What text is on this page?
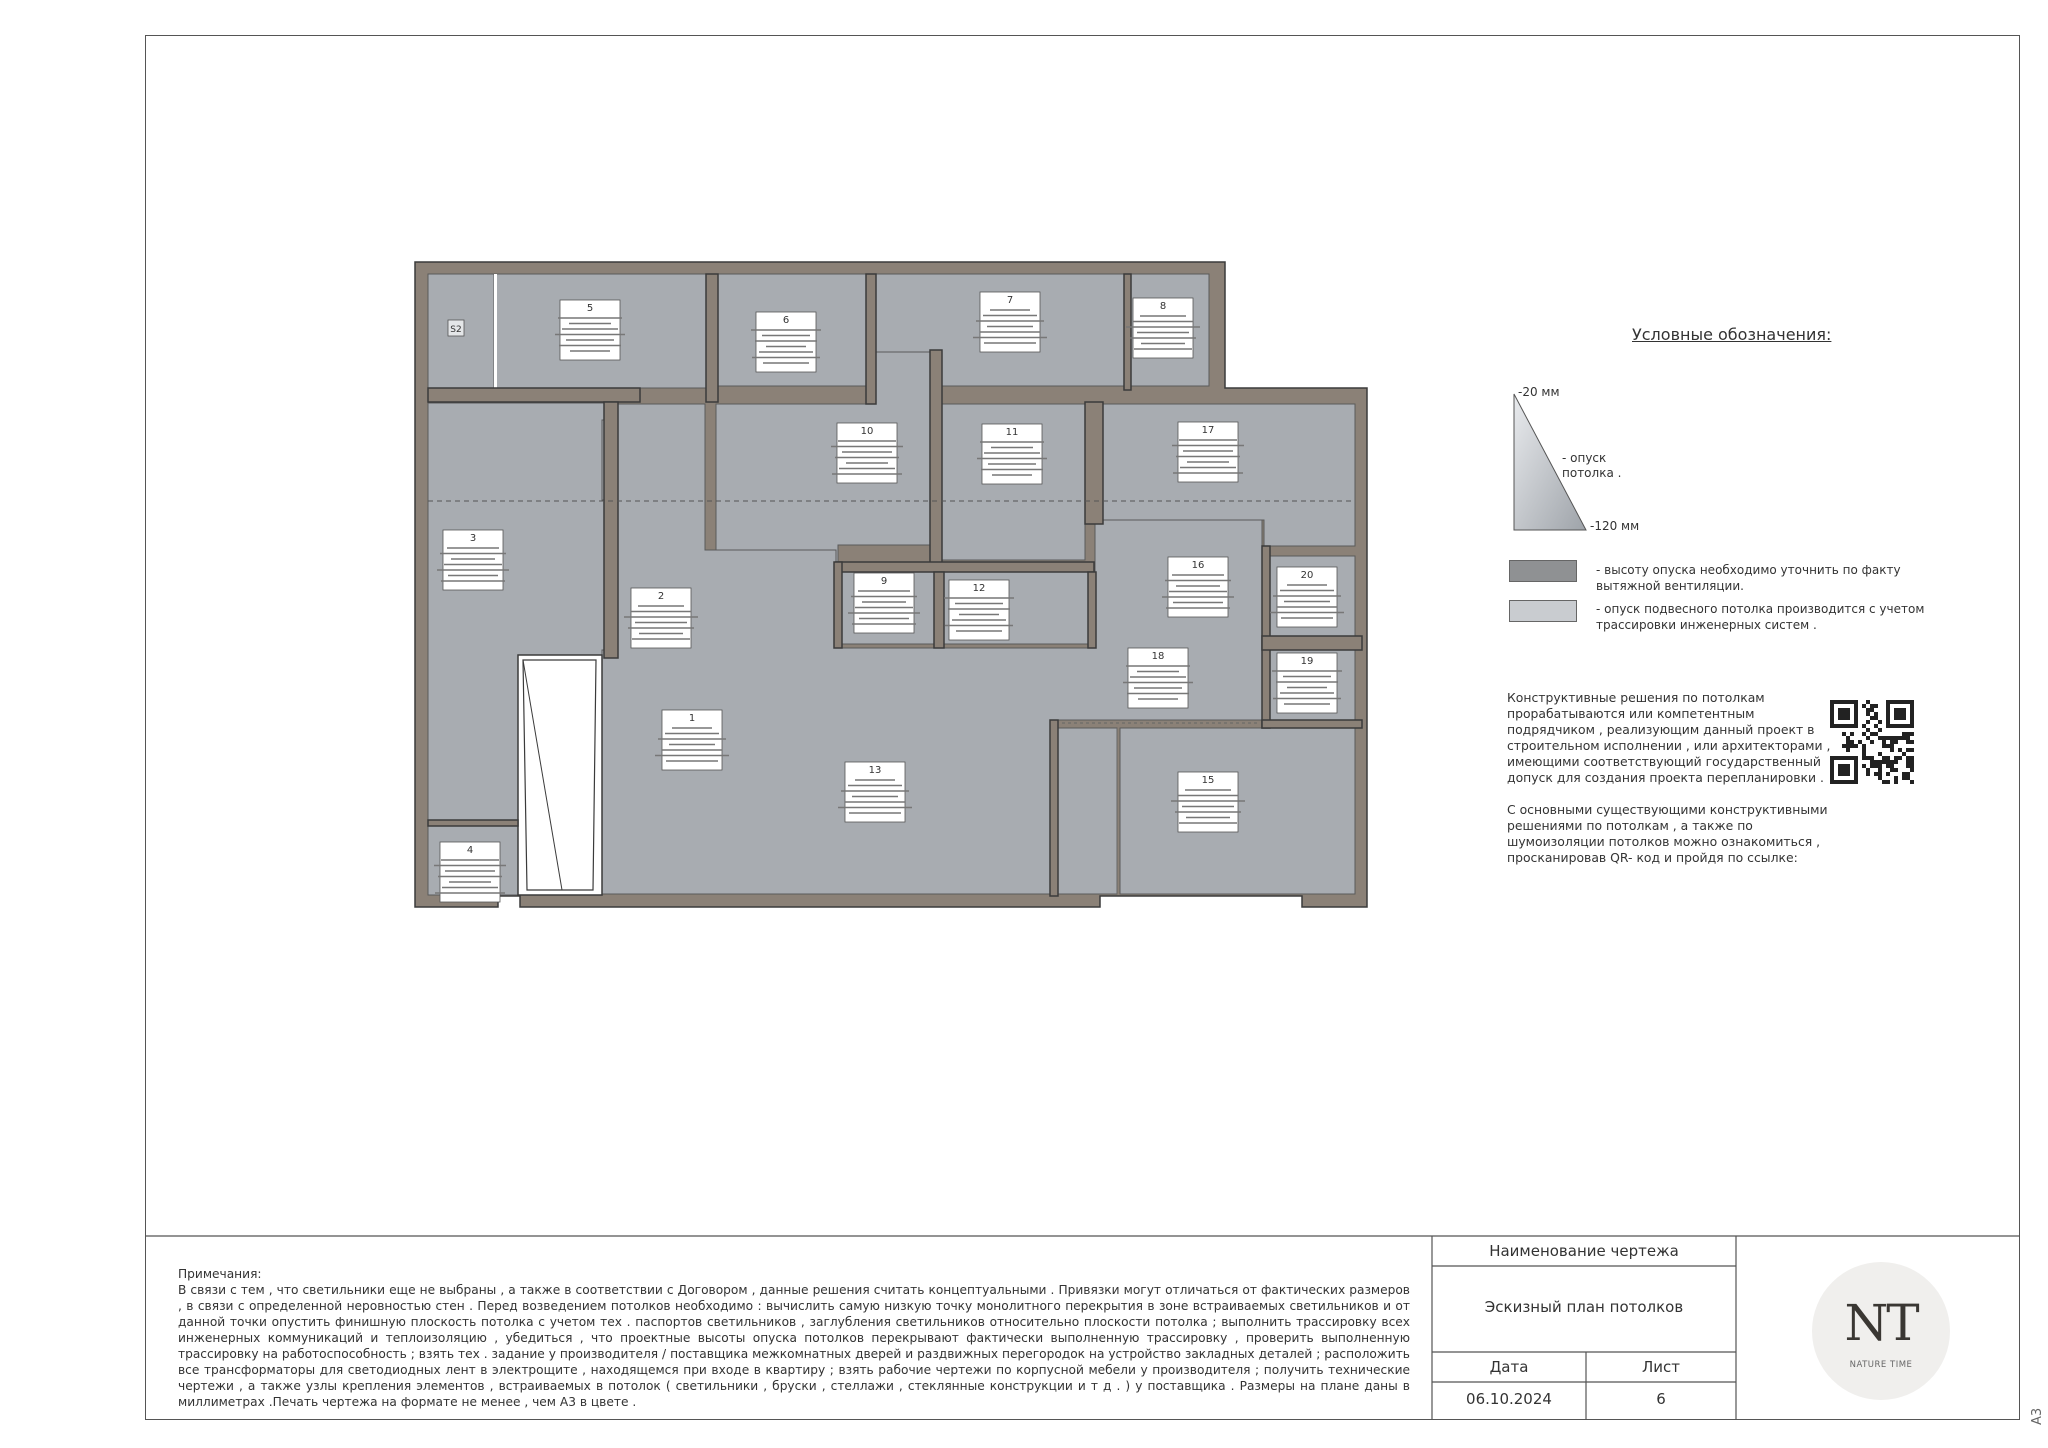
S2
1
2
3
4
5
6
7
8
9
10	11
12
13
15
16
17
18	19
20
Условные обозначения:
-20 мм
-120 мм
- опуск
потолка .
- высоту опуска необходимо уточнить по факту
вытяжной вентиляции.
- опуск подвесного потолка производится с учетом
трассировки инженерных систем .
Конструктивные решения по потолкам
прорабатываются или компетентным
подрядчиком , реализующим данный проект в
строительном исполнении , или архитекторами ,
имеющими соответствующий государственный
допуск для создания проекта перепланировки .
С основными существующими конструктивными
решениями по потолкам , а также по
шумоизоляции потолков можно ознакомиться ,
просканировав QR- код и пройдя по ссылке:
Наименование чертежа
Эскизный план потолков
Дата	Лист
06.10.2024	6
Примечания:
В связи с тем , что светильники еще не выбраны , а также в соответствии с Договором , данные решения считать концептуальными . Привязки могут отличаться от фактических размеров , в связи с определенной неровностью стен . Перед возведением потолков необходимо : вычислить самую низкую точку монолитного перекрытия в зоне встраиваемых светильников и от данной точки опустить финишную плоскость потолка с учетом тех . паспортов светильников , заглубления светильников относительно плоскости потолка ; выполнить трассировку всех инженерных коммуникаций и теплоизоляцию , убедиться , что проектные высоты опуска потолков перекрывают фактически выполненную трассировку , проверить выполненную трассировку на работоспособность ; взять тех . задание у производителя / поставщика межкомнатных дверей и раздвижных перегородок на устройство закладных деталей ; расположить все трансформаторы для светодиодных лент в электрощите , находящемся при входе в квартиру ; взять рабочие чертежи по корпусной мебели у производителя ; получить технические чертежи , а также узлы крепления элементов , встраиваемых в потолок ( светильники , бруски , стеллажи , стеклянные конструкции и т д . ) у поставщика . Размеры на плане даны в миллиметрах .Печать чертежа на формате не менее , чем А3 в цвете .
NT
NATURE TIME
А3
